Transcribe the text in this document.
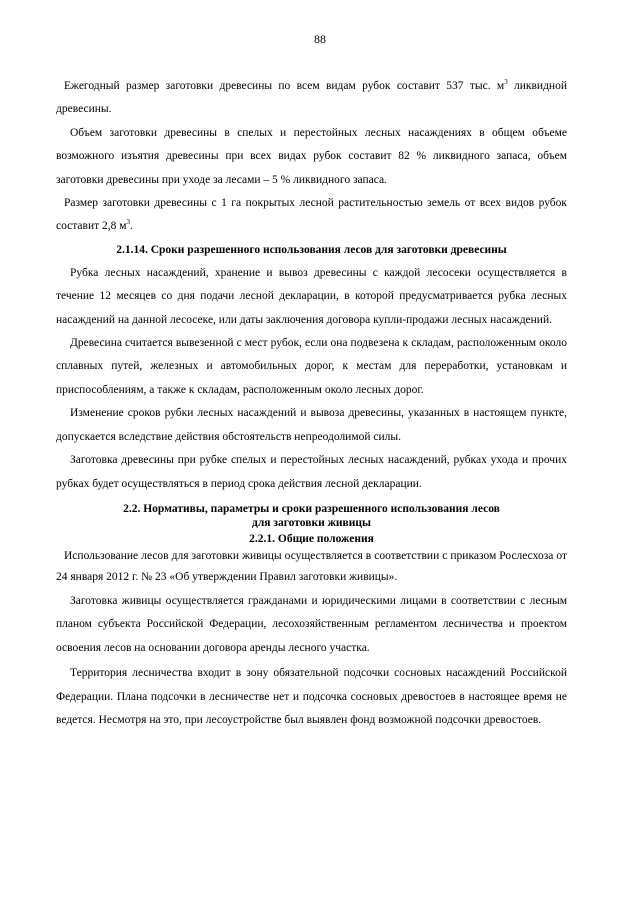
88

Ежегодный размер заготовки древесины по всем видам рубок составит 537 тыс. $м^3$ ликвидной древесины.

Объем заготовки древесины в спелых и перестойных лесных насаждениях в общем объеме возможного изъятия древесины при всех видах рубок составит 82 % ликвидного запаса, объем заготовки древесины при уходе за лесами – 5 % ликвидного запаса.

Размер заготовки древесины с 1 га покрытых лесной растительностью земель от всех видов рубок составит 2,8 $м^3$.

2.1.14. Сроки разрешенного использования лесов для заготовки древесины

Рубка лесных насаждений, хранение и вывоз древесины с каждой лесосеки осуществляется в течение 12 месяцев со дня подачи лесной декларации, в которой предусматривается рубка лесных насаждений на данной лесосеке, или даты заключения договора купли-продажи лесных насаждений.

Древесина считается вывезенной с мест рубок, если она подвезена к складам, расположенным около сплавных путей, железных и автомобильных дорог, к местам для переработки, установкам и приспособлениям, а также к складам, расположенным около лесных дорог.

Изменение сроков рубки лесных насаждений и вывоза древесины, указанных в настоящем пункте, допускается вследствие действия обстоятельств непреодолимой силы.

Заготовка древесины при рубке спелых и перестойных лесных насаждений, рубках ухода и прочих рубках будет осуществляться в период срока действия лесной декларации.

2.2. Нормативы, параметры и сроки разрешенного использования лесов
для заготовки живицы
2.2.1. Общие положения

Использование лесов для заготовки живицы осуществляется в соответствии с приказом Рослесхоза от 24 января 2012 г. № 23 «Об утверждении Правил заготовки живицы».

Заготовка живицы осуществляется гражданами и юридическими лицами в соответствии с лесным планом субъекта Российской Федерации, лесохозяйственным регламентом лесничества и проектом освоения лесов на основании договора аренды лесного участка.

Территория лесничества входит в зону обязательной подсочки сосновых насаждений Российской Федерации. Плана подсочки в лесничестве нет и подсочка сосновых древостоев в настоящее время не ведется. Несмотря на это, при лесоустройстве был выявлен фонд возможной подсочки древостоев.
